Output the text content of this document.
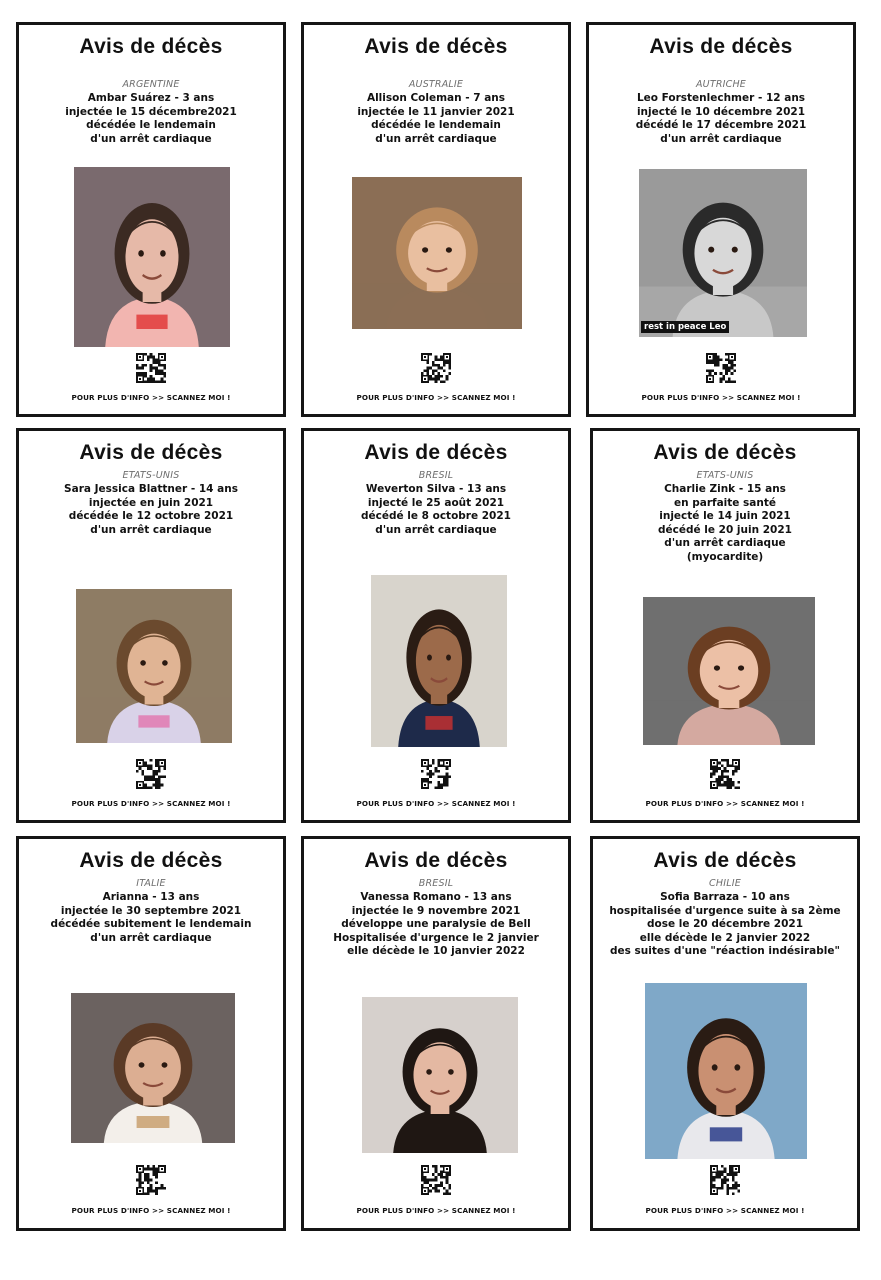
Avis de décès
ARGENTINE
Ambar Suárez - 3 ans
injectée le 15 décembre2021
décédée le lendemain
d'un arrêt cardiaque
POUR PLUS D'INFO >> SCANNEZ MOI !
Avis de décès
AUSTRALIE
Allison Coleman - 7 ans
injectée le 11 janvier 2021
décédée le lendemain
d'un arrêt cardiaque
POUR PLUS D'INFO >> SCANNEZ MOI !
Avis de décès
AUTRICHE
Leo Forstenlechmer - 12 ans
injecté le 10 décembre 2021
décédé le 17 décembre 2021
d'un arrêt cardiaque
rest in peace Leo
POUR PLUS D'INFO >> SCANNEZ MOI !
Avis de décès
ETATS-UNIS
Sara Jessica Blattner - 14 ans
injectée en juin 2021
décédée le 12 octobre 2021
d'un arrêt cardiaque
POUR PLUS D'INFO >> SCANNEZ MOI !
Avis de décès
BRESIL
Weverton Silva - 13 ans
injecté le 25 août 2021
décédé le 8 octobre 2021
d'un arrêt cardiaque
POUR PLUS D'INFO >> SCANNEZ MOI !
Avis de décès
ETATS-UNIS
Charlie Zink - 15 ans
en parfaite santé
injecté le 14 juin 2021
décédé le 20 juin 2021
d'un arrêt cardiaque
(myocardite)
POUR PLUS D'INFO >> SCANNEZ MOI !
Avis de décès
ITALIE
Arianna - 13 ans
injectée le 30 septembre 2021
décédée subitement le lendemain
d'un arrêt cardiaque
POUR PLUS D'INFO >> SCANNEZ MOI !
Avis de décès
BRESIL
Vanessa Romano - 13 ans
injectée le 9 novembre 2021
développe une paralysie de Bell
Hospitalisée d'urgence le 2 janvier
elle décède le 10 janvier 2022
POUR PLUS D'INFO >> SCANNEZ MOI !
Avis de décès
CHILIE
Sofia Barraza - 10 ans
hospitalisée d'urgence suite à sa 2ème
dose le 20 décembre 2021
elle décède le 2 janvier 2022
des suites d'une "réaction indésirable"
POUR PLUS D'INFO >> SCANNEZ MOI !
